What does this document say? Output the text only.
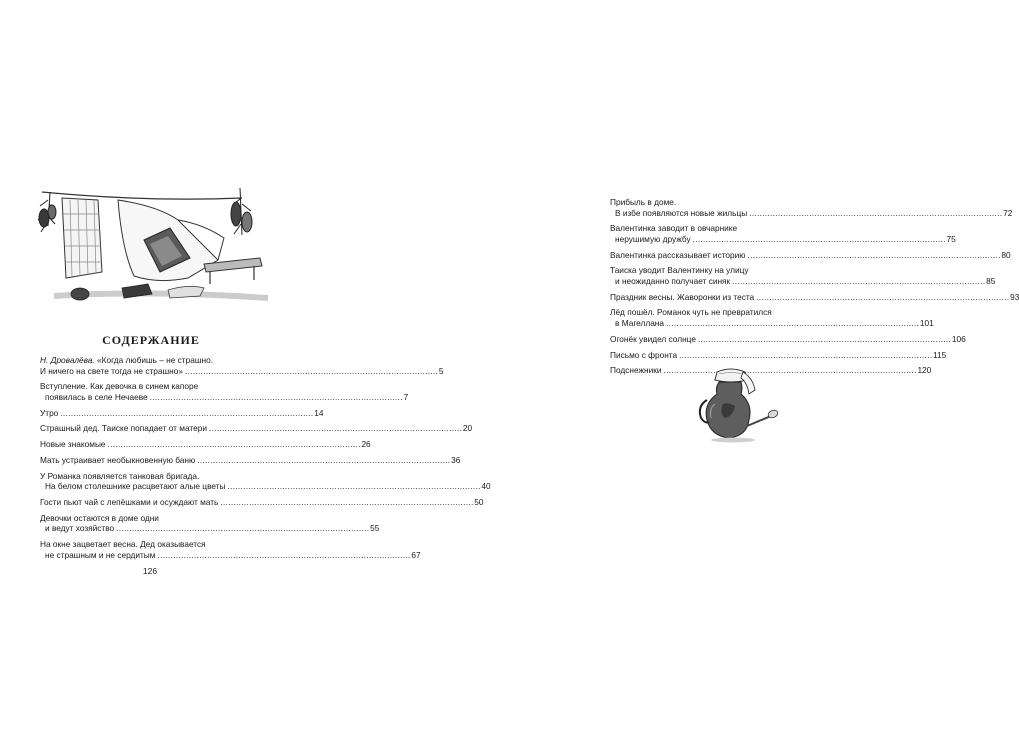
СОДЕРЖАНИЕ
Н. Дровалёва. «Когда любишь – не страшно.
И ничего на свете тогда не страшно» . . .	5
Вступление. Как девочка в синем капоре
появилась в селе Нечаеве . . .	7
Утро . . .	14
Страшный дед. Таиске попадает от матери . . .	20
Новые знакомые . . .	26
Мать устраивает необыкновенную баню . . .	36
У Романка появляется танковая бригада.
На белом столешнике расцветают алые цветы . . .	40
Гости пьют чай с лепёшками и осуждают мать . . .	50
Девочки остаются в доме одни
и ведут хозяйство . . .	55
На окне зацветает весна. Дед оказывается
не страшным и не сердитым . . .	67
126
Прибыль в доме.
В избе появляются новые жильцы . . .	72
Валентинка заводит в овчарнике
нерушимую дружбу . . .	75
Валентинка рассказывает историю . . .	80
Таиска уводит Валентинку на улицу
и неожиданно получает синяк . . .	85
Праздник весны. Жаворонки из теста . . .	93
Лёд пошёл. Романок чуть не превратился
в Магеллана . . .	101
Огонёк увидел солнце . . .	106
Письмо с фронта . . .	115
Подснежники . . .	120
